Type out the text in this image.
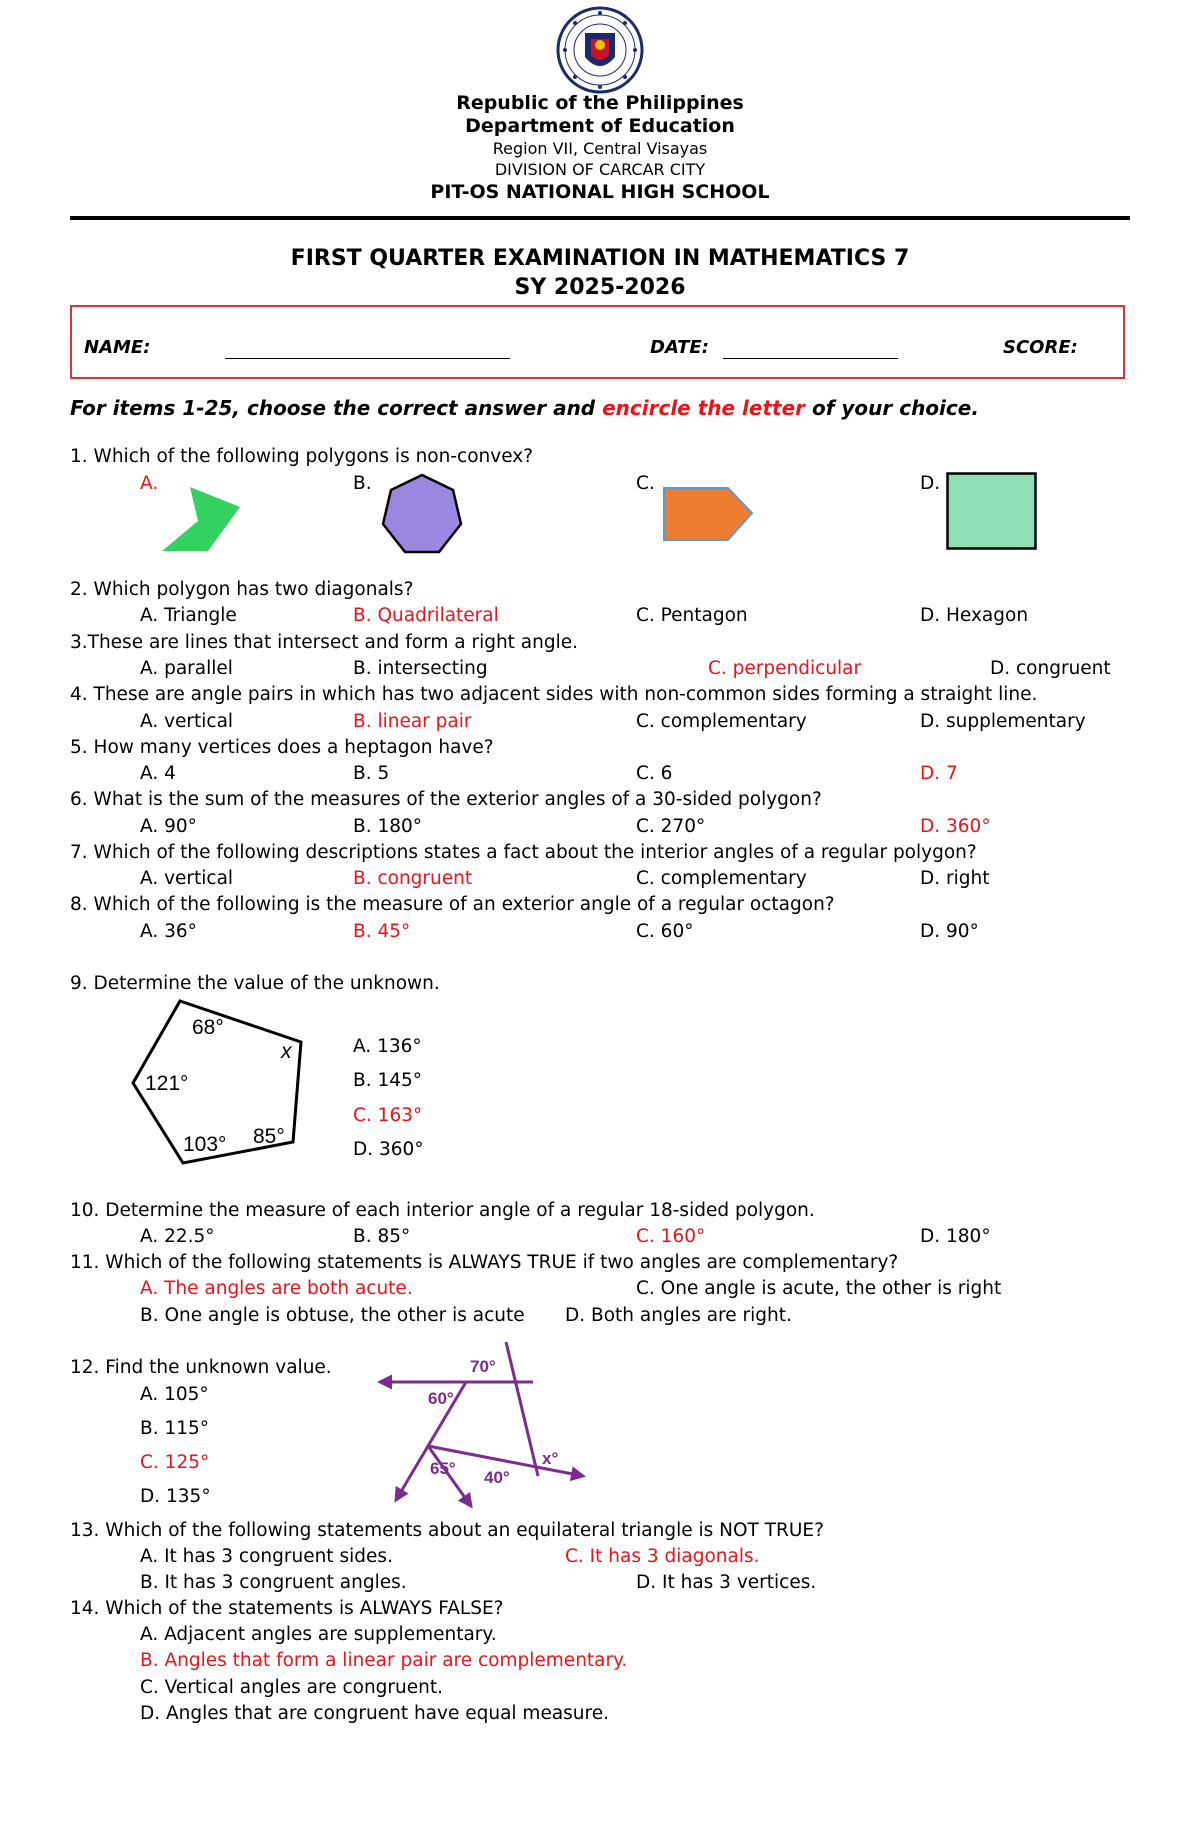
Republic of the Philippines
Department of Education
Region VII, Central Visayas
DIVISION OF CARCAR CITY
PIT-OS NATIONAL HIGH SCHOOL
FIRST QUARTER EXAMINATION IN MATHEMATICS 7
SY 2025-2026
NAME:	DATE:	SCORE:
For items 1-25, choose the correct answer and encircle the letter of your choice.
1. Which of the following polygons is non-convex?
A.	B.	C.	D.
2. Which polygon has two diagonals?
A. Triangle	B. Quadrilateral	C. Pentagon	D. Hexagon
3.These are lines that intersect and form a right angle.
A. parallel	B. intersecting	C. perpendicular	D. congruent
4. These are angle pairs in which has two adjacent sides with non-common sides forming a straight line.
A. vertical	B. linear pair	C. complementary	D. supplementary
5. How many vertices does a heptagon have?
A. 4	B. 5	C. 6	D. 7
6. What is the sum of the measures of the exterior angles of a 30-sided polygon?
A. 90°	B. 180°	C. 270°	D. 360°
7. Which of the following descriptions states a fact about the interior angles of a regular polygon?
A. vertical	B. congruent	C. complementary	D. right
8. Which of the following is the measure of an exterior angle of a regular octagon?
A. 36°	B. 45°	C. 60°	D. 90°
9. Determine the value of the unknown.
68°
x
121°
103° 85°
A. 136°
B. 145°
C. 163°
D. 360°
10. Determine the measure of each interior angle of a regular 18-sided polygon.
A. 22.5°	B. 85°	C. 160°	D. 180°
11. Which of the following statements is ALWAYS TRUE if two angles are complementary?
A. The angles are both acute.	C. One angle is acute, the other is right
B. One angle is obtuse, the other is acute D. Both angles are right.
12. Find the unknown value.
A. 105°
B. 115°
C. 125°
D. 135°
70°
60°
65° 40°
x°
13. Which of the following statements about an equilateral triangle is NOT TRUE?
A. It has 3 congruent sides.	C. It has 3 diagonals.
B. It has 3 congruent angles.	D. It has 3 vertices.
14. Which of the statements is ALWAYS FALSE?
A. Adjacent angles are supplementary.
B. Angles that form a linear pair are complementary.
C. Vertical angles are congruent.
D. Angles that are congruent have equal measure.
